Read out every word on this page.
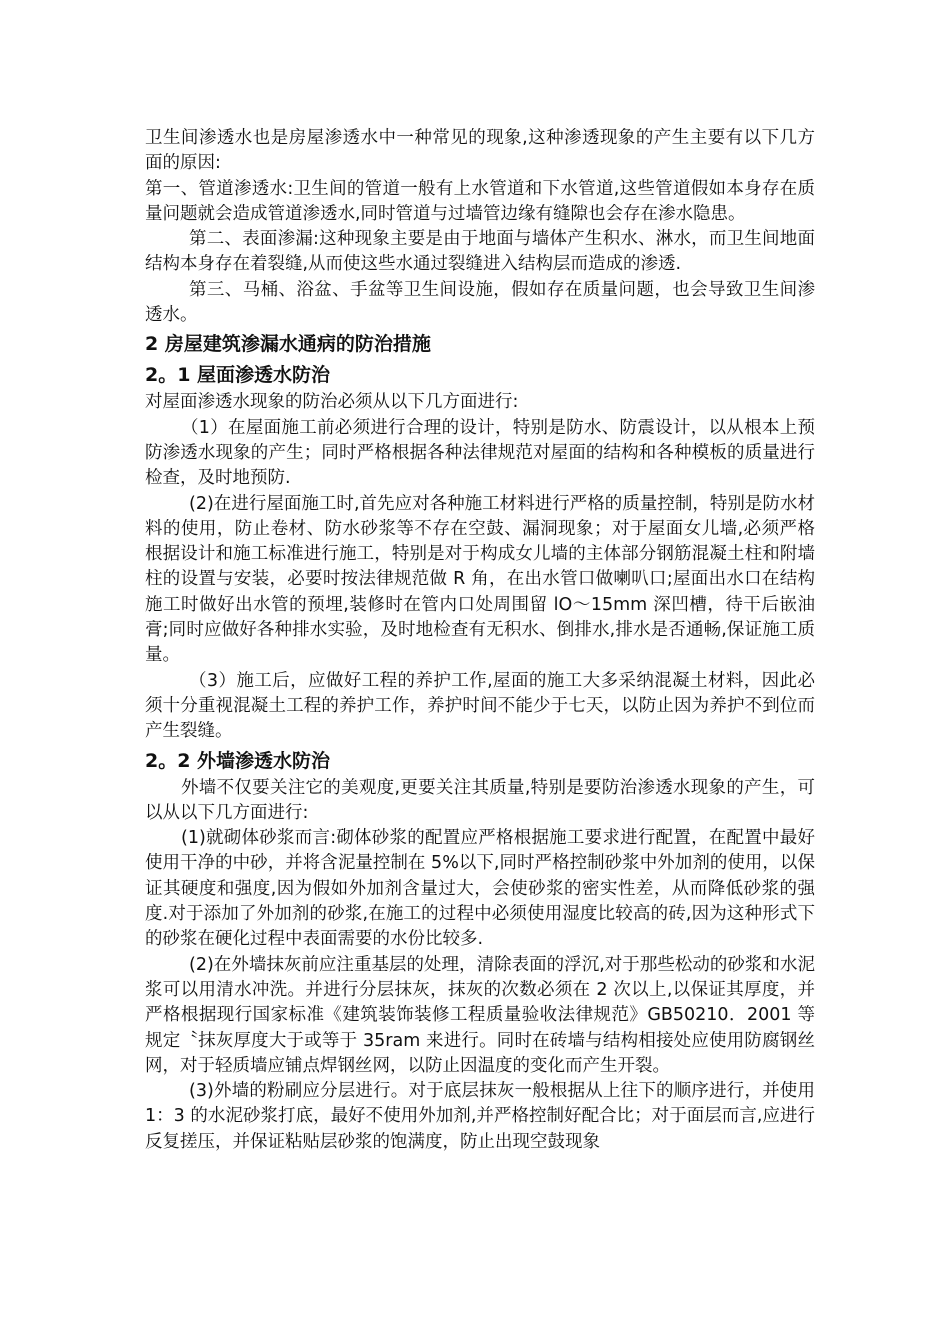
卫生间渗透水也是房屋渗透水中一种常见的现象,这种渗透现象的产生主要有以下几方面的原因:

第一、管道渗透水:卫生间的管道一般有上水管道和下水管道,这些管道假如本身存在质量问题就会造成管道渗透水,同时管道与过墙管边缘有缝隙也会存在渗水隐患。

第二、表面渗漏:这种现象主要是由于地面与墙体产生积水、淋水，而卫生间地面结构本身存在着裂缝,从而使这些水通过裂缝进入结构层而造成的渗透.

第三、马桶、浴盆、手盆等卫生间设施，假如存在质量问题，也会导致卫生间渗透水。

2 房屋建筑渗漏水通病的防治措施
2。1 屋面渗透水防治

对屋面渗透水现象的防治必须从以下几方面进行:

（1）在屋面施工前必须进行合理的设计，特别是防水、防震设计，以从根本上预防渗透水现象的产生；同时严格根据各种法律规范对屋面的结构和各种模板的质量进行检查，及时地预防.

(2)在进行屋面施工时,首先应对各种施工材料进行严格的质量控制，特别是防水材料的使用，防止卷材、防水砂浆等不存在空鼓、漏洞现象；对于屋面女儿墙,必须严格根据设计和施工标准进行施工，特别是对于构成女儿墙的主体部分钢筋混凝土柱和附墙柱的设置与安装，必要时按法律规范做 R 角，在出水管口做喇叭口;屋面出水口在结构施工时做好出水管的预埋,装修时在管内口处周围留 lO～15mm 深凹槽，待干后嵌油膏;同时应做好各种排水实验，及时地检查有无积水、倒排水,排水是否通畅,保证施工质量。

（3）施工后，应做好工程的养护工作,屋面的施工大多采纳混凝土材料，因此必须十分重视混凝土工程的养护工作，养护时间不能少于七天，以防止因为养护不到位而产生裂缝。

2。2 外墙渗透水防治

外墙不仅要关注它的美观度,更要关注其质量,特别是要防治渗透水现象的产生，可以从以下几方面进行:

(1)就砌体砂浆而言:砌体砂浆的配置应严格根据施工要求进行配置，在配置中最好使用干净的中砂，并将含泥量控制在 5%以下,同时严格控制砂浆中外加剂的使用，以保证其硬度和强度,因为假如外加剂含量过大，会使砂浆的密实性差，从而降低砂浆的强度.对于添加了外加剂的砂浆,在施工的过程中必须使用湿度比较高的砖,因为这种形式下的砂浆在硬化过程中表面需要的水份比较多.

(2)在外墙抹灰前应注重基层的处理，清除表面的浮沉,对于那些松动的砂浆和水泥浆可以用清水冲洗。并进行分层抹灰，抹灰的次数必须在 2 次以上,以保证其厚度，并严格根据现行国家标准《建筑装饰装修工程质量验收法律规范》GB50210．2001 等规定〝抹灰厚度大于或等于 35ram 来进行。同时在砖墙与结构相接处应使用防腐钢丝网，对于轻质墙应铺点焊钢丝网，以防止因温度的变化而产生开裂。

(3)外墙的粉刷应分层进行。对于底层抹灰一般根据从上往下的顺序进行，并使用 1：3 的水泥砂浆打底，最好不使用外加剂,并严格控制好配合比；对于面层而言,应进行反复搓压，并保证粘贴层砂浆的饱满度，防止出现空鼓现象
